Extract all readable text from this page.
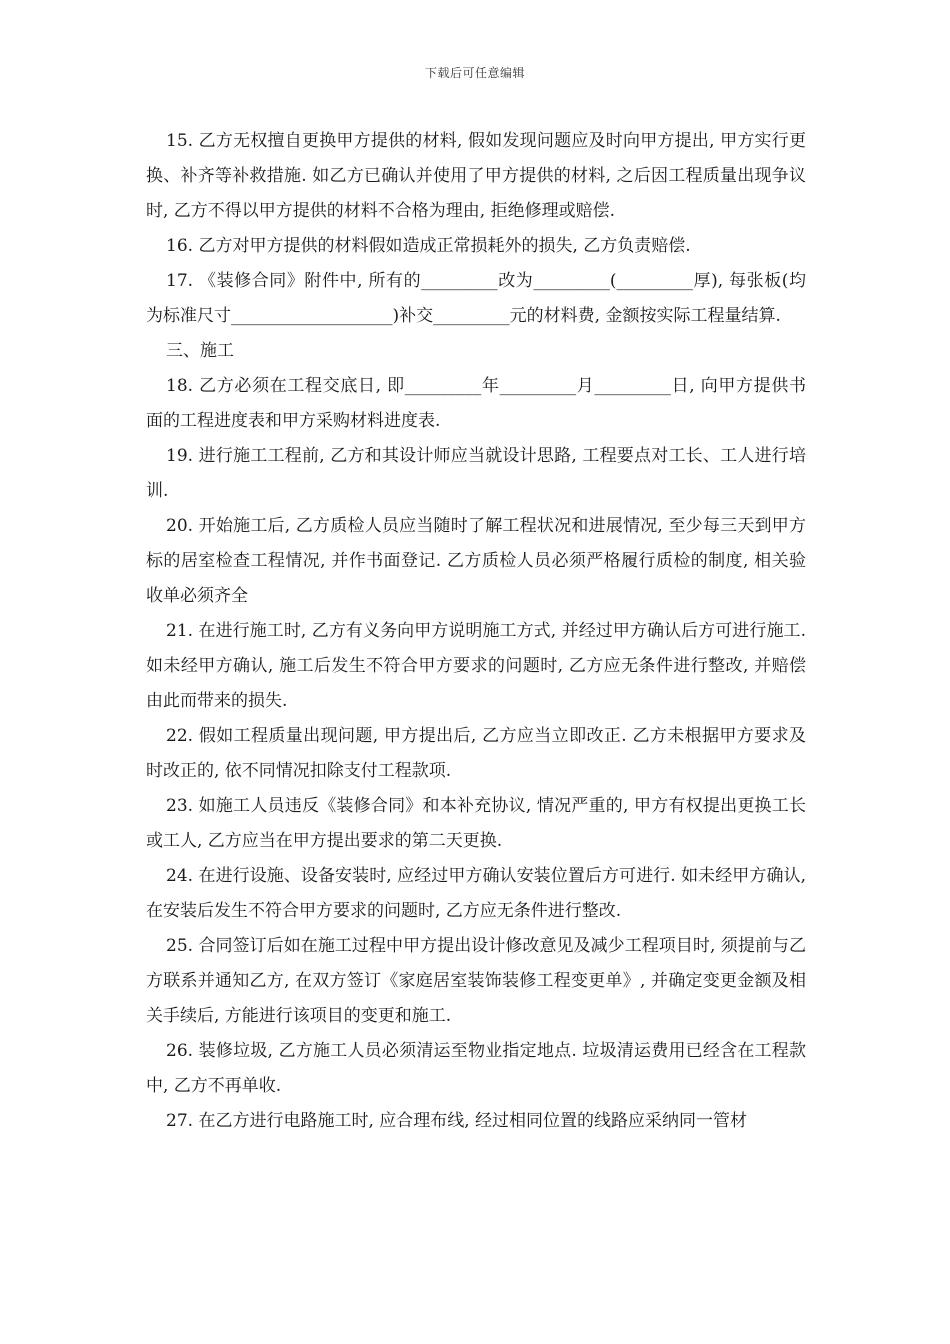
下载后可任意编辑

15. 乙方无权擅自更换甲方提供的材料, 假如发现问题应及时向甲方提出, 甲方实行更换、补齐等补救措施. 如乙方已确认并使用了甲方提供的材料, 之后因工程质量出现争议时, 乙方不得以甲方提供的材料不合格为理由, 拒绝修理或赔偿.

16. 乙方对甲方提供的材料假如造成正常损耗外的损失, 乙方负责赔偿.

17. 《装修合同》附件中, 所有的_________改为_________(_________厚), 每张板(均为标准尺寸___________________)补交_________元的材料费, 金额按实际工程量结算.

三、施工

18. 乙方必须在工程交底日, 即_________年_________月_________日, 向甲方提供书面的工程进度表和甲方采购材料进度表.

19. 进行施工工程前, 乙方和其设计师应当就设计思路, 工程要点对工长、工人进行培训.

20. 开始施工后, 乙方质检人员应当随时了解工程状况和进展情况, 至少每三天到甲方标的居室检查工程情况, 并作书面登记. 乙方质检人员必须严格履行质检的制度, 相关验收单必须齐全

21. 在进行施工时, 乙方有义务向甲方说明施工方式, 并经过甲方确认后方可进行施工. 如未经甲方确认, 施工后发生不符合甲方要求的问题时, 乙方应无条件进行整改, 并赔偿由此而带来的损失.

22. 假如工程质量出现问题, 甲方提出后, 乙方应当立即改正. 乙方未根据甲方要求及时改正的, 依不同情况扣除支付工程款项.

23. 如施工人员违反《装修合同》和本补充协议, 情况严重的, 甲方有权提出更换工长或工人, 乙方应当在甲方提出要求的第二天更换.

24. 在进行设施、设备安装时, 应经过甲方确认安装位置后方可进行. 如未经甲方确认, 在安装后发生不符合甲方要求的问题时, 乙方应无条件进行整改.

25. 合同签订后如在施工过程中甲方提出设计修改意见及减少工程项目时, 须提前与乙方联系并通知乙方, 在双方签订《家庭居室装饰装修工程变更单》, 并确定变更金额及相关手续后, 方能进行该项目的变更和施工.

26. 装修垃圾, 乙方施工人员必须清运至物业指定地点. 垃圾清运费用已经含在工程款中, 乙方不再单收.

27. 在乙方进行电路施工时, 应合理布线, 经过相同位置的线路应采纳同一管材
